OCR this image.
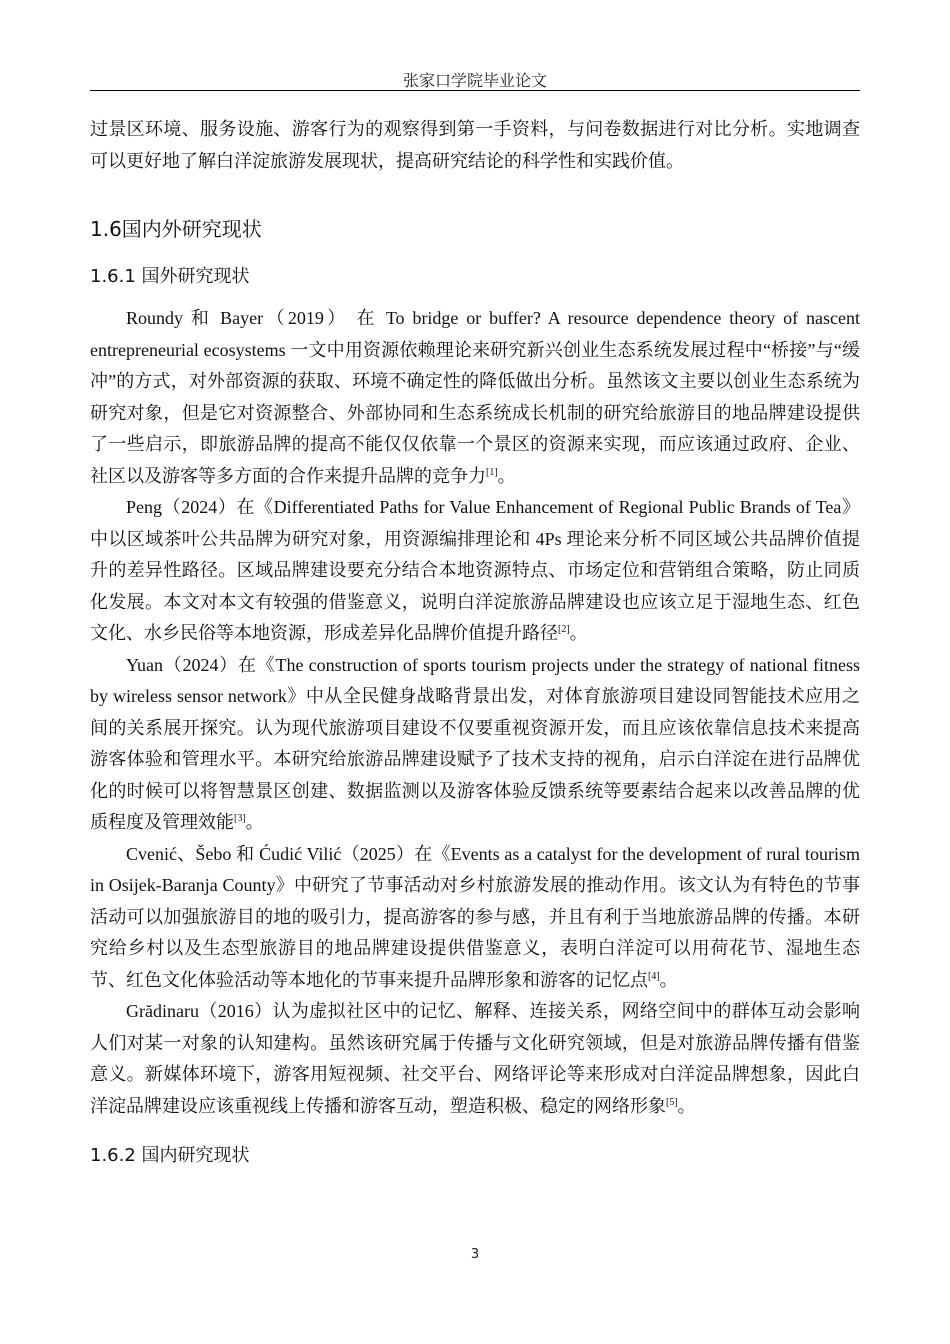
张家口学院毕业论文

过景区环境、服务设施、游客行为的观察得到第一手资料，与问卷数据进行对比分析。实地调查可以更好地了解白洋淀旅游发展现状，提高研究结论的科学性和实践价值。

1.6国内外研究现状
1.6.1 国外研究现状

Roundy 和 Bayer（2019） 在 To bridge or buffer? A resource dependence theory of nascent entrepreneurial ecosystems 一文中用资源依赖理论来研究新兴创业生态系统发展过程中“桥接”与“缓冲”的方式，对外部资源的获取、环境不确定性的降低做出分析。虽然该文主要以创业生态系统为研究对象，但是它对资源整合、外部协同和生态系统成长机制的研究给旅游目的地品牌建设提供了一些启示，即旅游品牌的提高不能仅仅依靠一个景区的资源来实现，而应该通过政府、企业、社区以及游客等多方面的合作来提升品牌的竞争力[1]。

Peng（2024）在《Differentiated Paths for Value Enhancement of Regional Public Brands of Tea》中以区域茶叶公共品牌为研究对象，用资源编排理论和 4Ps 理论来分析不同区域公共品牌价值提升的差异性路径。区域品牌建设要充分结合本地资源特点、市场定位和营销组合策略，防止同质化发展。本文对本文有较强的借鉴意义，说明白洋淀旅游品牌建设也应该立足于湿地生态、红色文化、水乡民俗等本地资源，形成差异化品牌价值提升路径[2]。

Yuan（2024）在《The construction of sports tourism projects under the strategy of national fitness by wireless sensor network》中从全民健身战略背景出发，对体育旅游项目建设同智能技术应用之间的关系展开探究。认为现代旅游项目建设不仅要重视资源开发，而且应该依靠信息技术来提高游客体验和管理水平。本研究给旅游品牌建设赋予了技术支持的视角，启示白洋淀在进行品牌优化的时候可以将智慧景区创建、数据监测以及游客体验反馈系统等要素结合起来以改善品牌的优质程度及管理效能[3]。

Cvenić、Šebo 和 Ćudić Vilić（2025）在《Events as a catalyst for the development of rural tourism in Osijek-Baranja County》中研究了节事活动对乡村旅游发展的推动作用。该文认为有特色的节事活动可以加强旅游目的地的吸引力，提高游客的参与感，并且有利于当地旅游品牌的传播。本研究给乡村以及生态型旅游目的地品牌建设提供借鉴意义，表明白洋淀可以用荷花节、湿地生态节、红色文化体验活动等本地化的节事来提升品牌形象和游客的记忆点[4]。

Grădinaru（2016）认为虚拟社区中的记忆、解释、连接关系，网络空间中的群体互动会影响人们对某一对象的认知建构。虽然该研究属于传播与文化研究领域，但是对旅游品牌传播有借鉴意义。新媒体环境下，游客用短视频、社交平台、网络评论等来形成对白洋淀品牌想象，因此白洋淀品牌建设应该重视线上传播和游客互动，塑造积极、稳定的网络形象[5]。

1.6.2 国内研究现状
3
